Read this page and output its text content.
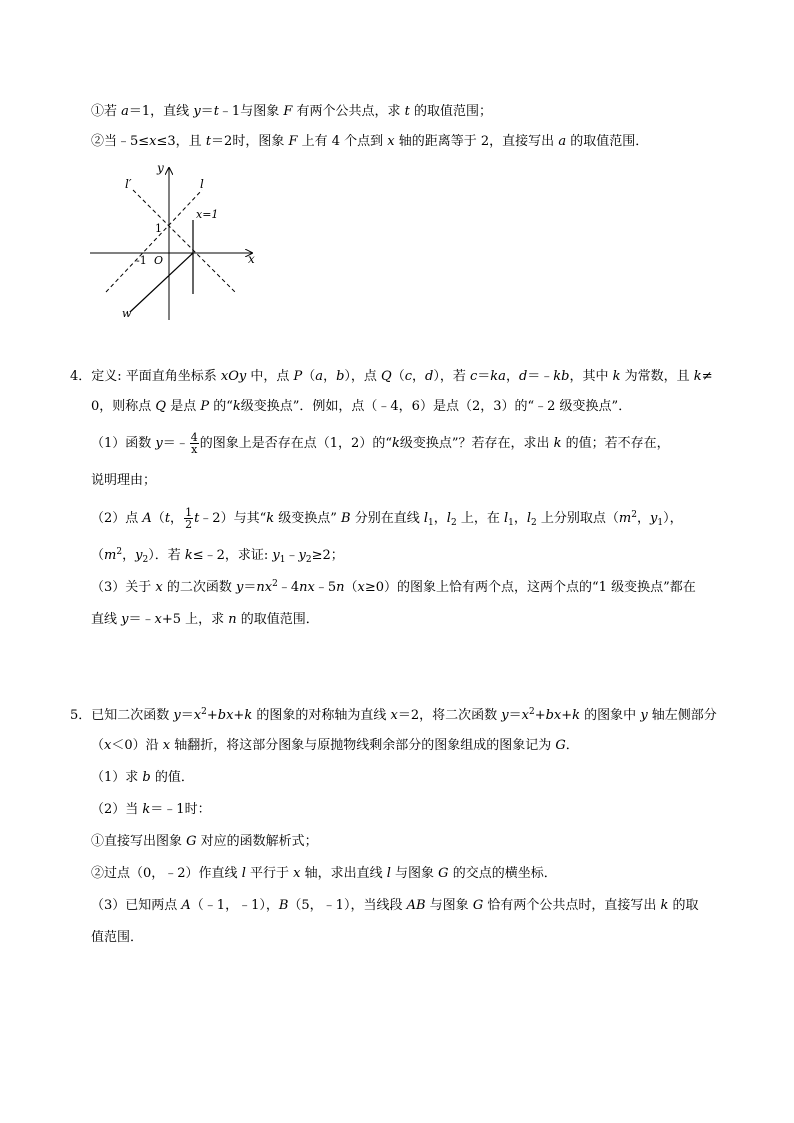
①若 a＝1，直线 y＝t﹣1与图象 F 有两个公共点，求 t 的取值范围；
②当﹣5≤x≤3，且 t＝2时，图象 F 上有 4 个点到 x 轴的距离等于 2，直接写出 a 的取值范围．
y
x
l′	l
x=1
1
-1 O
w
4．定义: 平面直角坐标系 xOy 中，点 P（a，b），点 Q（c，d），若 c＝ka，d＝﹣kb，其中 k 为常数，且 k≠
0，则称点 Q 是点 P 的“k级变换点”．例如，点（﹣4，6）是点（2，3）的“﹣2 级变换点”．
（1）函数 y＝﹣ $\frac{4}{x}$ 的图象上是否存在点（1，2）的“k级变换点”？若存在，求出 k 的值；若不存在，
说明理由；
（2）点 A（t， $\frac{1}{2}$ t﹣2）与其“k 级变换点” B 分别在直线 $l_1$，$l_2$ 上，在 $l_1$，$l_2$ 上分别取点（$m^2$，$y_1$），
（$m^2$，$y_2$）．若 k≤﹣2，求证: $y_1﹣y_2\ge 2$；
（3）关于 x 的二次函数 $y=nx^2﹣4nx﹣5n(x\ge 0)$的图象上恰有两个点，这两个点的“1 级变换点”都在
直线 y＝﹣x+5 上，求 n 的取值范围．
5．已知二次函数 $y=x^2+bx+k$ 的图象的对称轴为直线 x＝2，将二次函数 $y=x^2+bx+k$ 的图象中 y 轴左侧部分
（x＜0）沿 x 轴翻折，将这部分图象与原抛物线剩余部分的图象组成的图象记为 G．
（1）求 b 的值．
（2）当 k＝﹣1时：
①直接写出图象 G 对应的函数解析式；
②过点（0，﹣2）作直线 l 平行于 x 轴，求出直线 l 与图象 G 的交点的横坐标．
（3）已知两点 A（﹣1，﹣1），B（5，﹣1），当线段 AB 与图象 G 恰有两个公共点时，直接写出 k 的取
值范围．
